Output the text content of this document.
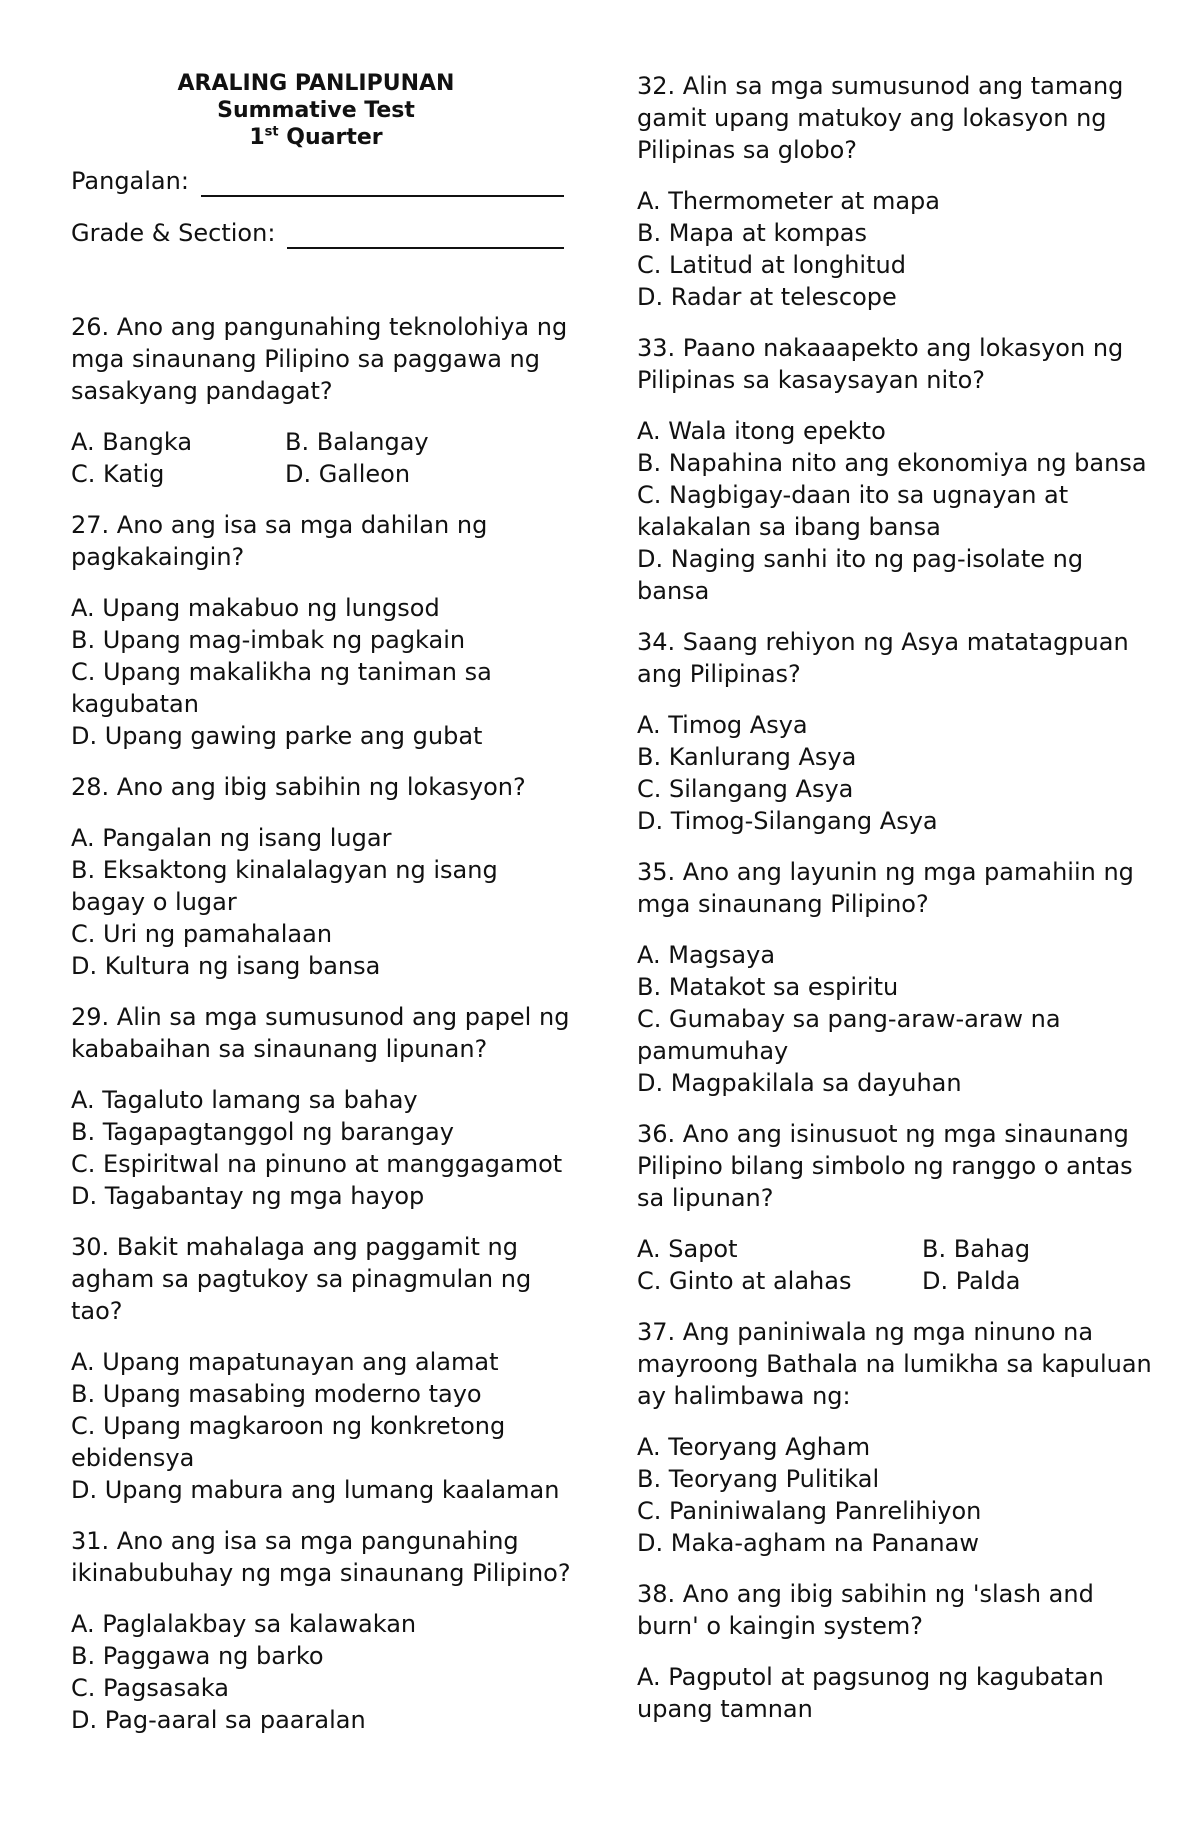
ARALING PANLIPUNAN
Summative Test
1st Quarter
Pangalan:
Grade & Section:
26. Ano ang pangunahing teknolohiya ng mga sinaunang Pilipino sa paggawa ng sasakyang pandagat?
A. Bangka	B. Balangay
C. Katig	D. Galleon
27. Ano ang isa sa mga dahilan ng pagkakaingin?
A. Upang makabuo ng lungsod
B. Upang mag-imbak ng pagkain
C. Upang makalikha ng taniman sa kagubatan
D. Upang gawing parke ang gubat
28. Ano ang ibig sabihin ng lokasyon?
A. Pangalan ng isang lugar
B. Eksaktong kinalalagyan ng isang bagay o lugar
C. Uri ng pamahalaan
D. Kultura ng isang bansa
29. Alin sa mga sumusunod ang papel ng kababaihan sa sinaunang lipunan?
A. Tagaluto lamang sa bahay
B. Tagapagtanggol ng barangay
C. Espiritwal na pinuno at manggagamot
D. Tagabantay ng mga hayop
30. Bakit mahalaga ang paggamit ng agham sa pagtukoy sa pinagmulan ng tao?
A. Upang mapatunayan ang alamat
B. Upang masabing moderno tayo
C. Upang magkaroon ng konkretong ebidensya
D. Upang mabura ang lumang kaalaman
31. Ano ang isa sa mga pangunahing ikinabubuhay ng mga sinaunang Pilipino?
A. Paglalakbay sa kalawakan
B. Paggawa ng barko
C. Pagsasaka
D. Pag-aaral sa paaralan
32. Alin sa mga sumusunod ang tamang gamit upang matukoy ang lokasyon ng Pilipinas sa globo?
A. Thermometer at mapa
B. Mapa at kompas
C. Latitud at longhitud
D. Radar at telescope
33. Paano nakaaapekto ang lokasyon ng Pilipinas sa kasaysayan nito?
A. Wala itong epekto
B. Napahina nito ang ekonomiya ng bansa
C. Nagbigay-daan ito sa ugnayan at kalakalan sa ibang bansa
D. Naging sanhi ito ng pag-isolate ng bansa
34. Saang rehiyon ng Asya matatagpuan ang Pilipinas?
A. Timog Asya
B. Kanlurang Asya
C. Silangang Asya
D. Timog-Silangang Asya
35. Ano ang layunin ng mga pamahiin ng mga sinaunang Pilipino?
A. Magsaya
B. Matakot sa espiritu
C. Gumabay sa pang-araw-araw na pamumuhay
D. Magpakilala sa dayuhan
36. Ano ang isinusuot ng mga sinaunang Pilipino bilang simbolo ng ranggo o antas sa lipunan?
A. Sapot	B. Bahag
C. Ginto at alahas	D. Palda
37. Ang paniniwala ng mga ninuno na mayroong Bathala na lumikha sa kapuluan ay halimbawa ng:
A. Teoryang Agham
B. Teoryang Pulitikal
C. Paniniwalang Panrelihiyon
D. Maka-agham na Pananaw
38. Ano ang ibig sabihin ng 'slash and burn' o kaingin system?
A. Pagputol at pagsunog ng kagubatan upang tamnan
